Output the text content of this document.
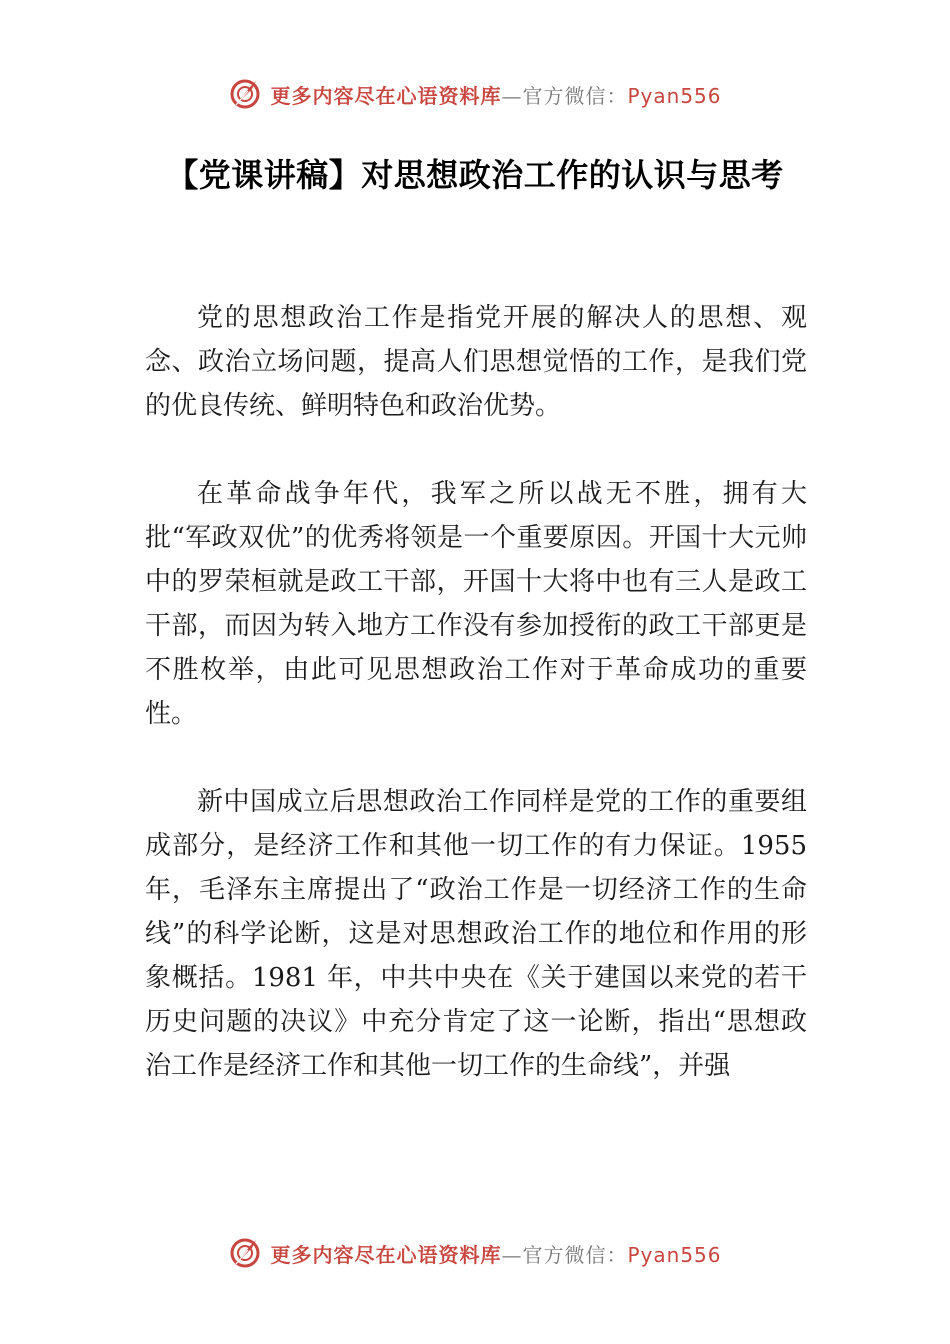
更多内容尽在心语资料库—官方微信：Pyan556
【党课讲稿】对思想政治工作的认识与思考

党的思想政治工作是指党开展的解决人的思想、观念、政治立场问题，提高人们思想觉悟的工作，是我们党的优良传统、鲜明特色和政治优势。

在革命战争年代，我军之所以战无不胜，拥有大批“军政双优”的优秀将领是一个重要原因。开国十大元帅中的罗荣桓就是政工干部，开国十大将中也有三人是政工干部，而因为转入地方工作没有参加授衔的政工干部更是不胜枚举，由此可见思想政治工作对于革命成功的重要性。

新中国成立后思想政治工作同样是党的工作的重要组成部分，是经济工作和其他一切工作的有力保证。1955年，毛泽东主席提出了“政治工作是一切经济工作的生命线”的科学论断，这是对思想政治工作的地位和作用的形象概括。1981 年，中共中央在《关于建国以来党的若干历史问题的决议》中充分肯定了这一论断，指出“思想政治工作是经济工作和其他一切工作的生命线”，并强

更多内容尽在心语资料库—官方微信：Pyan556
